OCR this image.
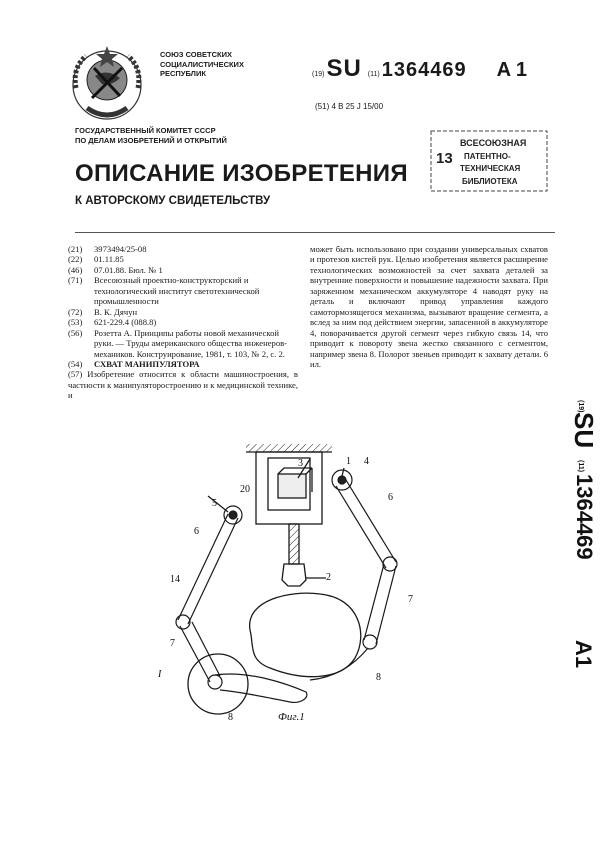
СОЮЗ СОВЕТСКИХ
СОЦИАЛИСТИЧЕСКИХ
РЕСПУБЛИК	(19) SU (11) 1364469 A 1
(51) 4 B 25 J 15/00
ГОСУДАРСТВЕННЫЙ КОМИТЕТ СССР
ПО ДЕЛАМ ИЗОБРЕТЕНИЙ И ОТКРЫТИЙ
13
ВСЕСОЮЗНАЯ
ПАТЕНТНО-
ТЕХНИЧЕСКАЯ
БИБЛИОТЕКА
ОПИСАНИЕ ИЗОБРЕТЕНИЯ
К АВТОРСКОМУ СВИДЕТЕЛЬСТВУ
(21)	3973494/25-08
(22)	01.11.85
(46)	07.01.88. Бюл. № 1
(71)	Всесоюзный проектно-конструкторский и технологический институт светотехнической промышленности
(72)	В. К. Дячун
(53)	621-229.4 (088.8)
(56)	Розетта А. Принципы работы новой механической руки. — Труды американского общества инженеров-механиков. Конструирование, 1981, т. 103, № 2, с. 2.
(54)	СХВАТ МАНИПУЛЯТОРА
(57) Изобретение относится к области машиностроения, в частности к манипуляторостроению и к медицинской технике, и
может быть использовано при создании универсальных схватов и протезов кистей рук. Целью изобретения является расширение технологических возможностей за счет захвата деталей за внутренние поверхности и повышение надежности захвата. При заряженном механическом аккумуляторе 4 наводят руку на деталь и включают привод управления каждого самотормозящегося механизма, вызывают вращение сегмента, а вслед за ним под действием энергии, запасенной в аккумуляторе 4, поворачивается другой сегмент через гибкую связь 14, что приводит к повороту звена жестко связанного с сегментом, например звена 8. Полорот звеньев приводит к захвату детали. 6 ил.
(19)
SU
(11)
1364469
A1
3
2
1 4
20
5
6
14
7
6
7
8
I
8	Фиг.1
